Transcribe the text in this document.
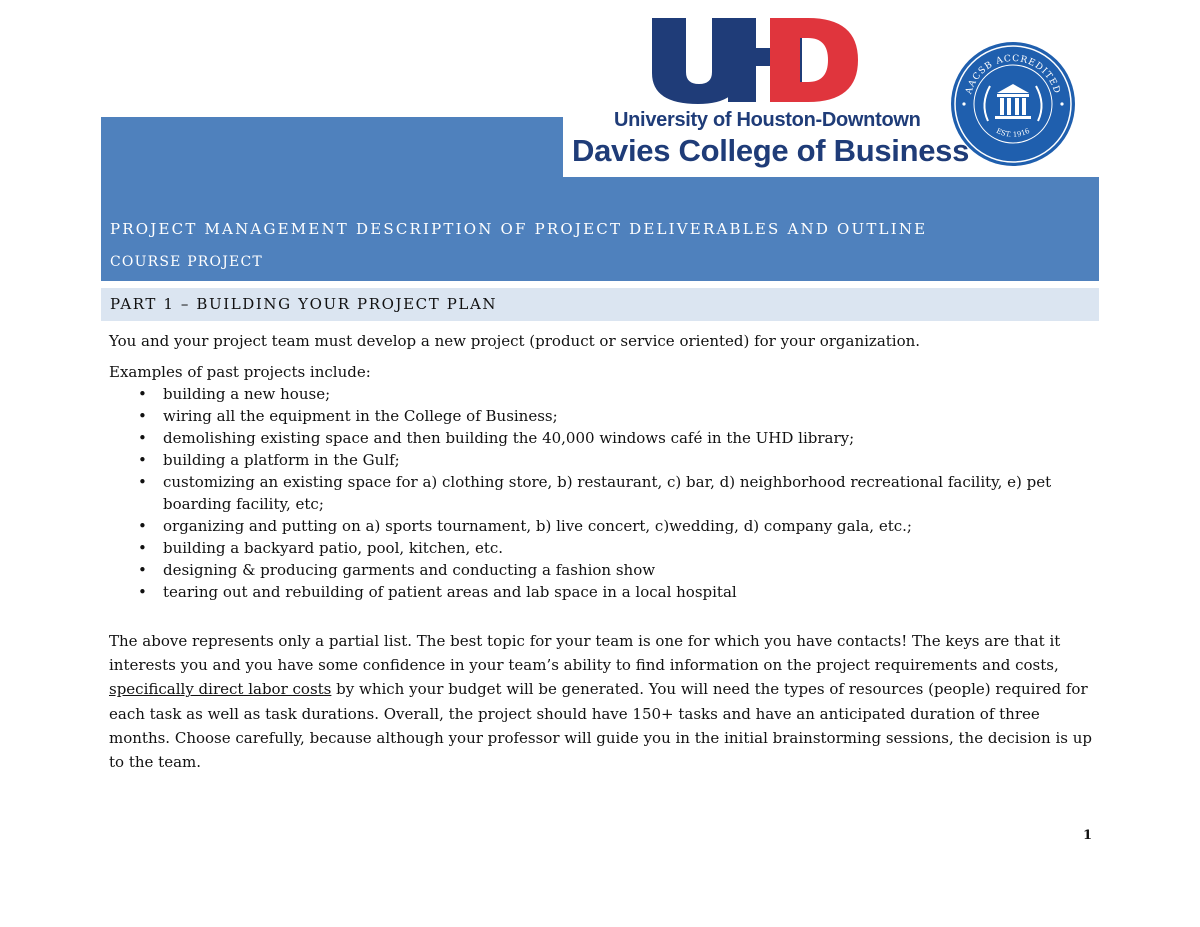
University of Houston-Downtown
Davies College of Business
AACSB ACCREDITED
EST. 1916
PROJECT MANAGEMENT DESCRIPTION OF PROJECT DELIVERABLES AND OUTLINE
COURSE PROJECT
PART 1 – BUILDING YOUR PROJECT PLAN

You and your project team must develop a new project (product or service oriented) for your organization.

Examples of past projects include:

• building a new house;
• wiring all the equipment in the College of Business;
• demolishing existing space and then building the 40,000 windows café in the UHD library;
• building a platform in the Gulf;
• customizing an existing space for a) clothing store, b) restaurant, c) bar, d) neighborhood recreational facility, e) pet boarding facility, etc;
• organizing and putting on a) sports tournament, b) live concert, c)wedding, d) company gala, etc.;
• building a backyard patio, pool, kitchen, etc.
• designing & producing garments and conducting a fashion show
• tearing out and rebuilding of patient areas and lab space in a local hospital

The above represents only a partial list. The best topic for your team is one for which you have contacts! The keys are that it interests you and you have some confidence in your team’s ability to find information on the project requirements and costs, specifically direct labor costs by which your budget will be generated. You will need the types of resources (people) required for each task as well as task durations. Overall, the project should have 150+ tasks and have an anticipated duration of three months. Choose carefully, because although your professor will guide you in the initial brainstorming sessions, the decision is up to the team.

1
